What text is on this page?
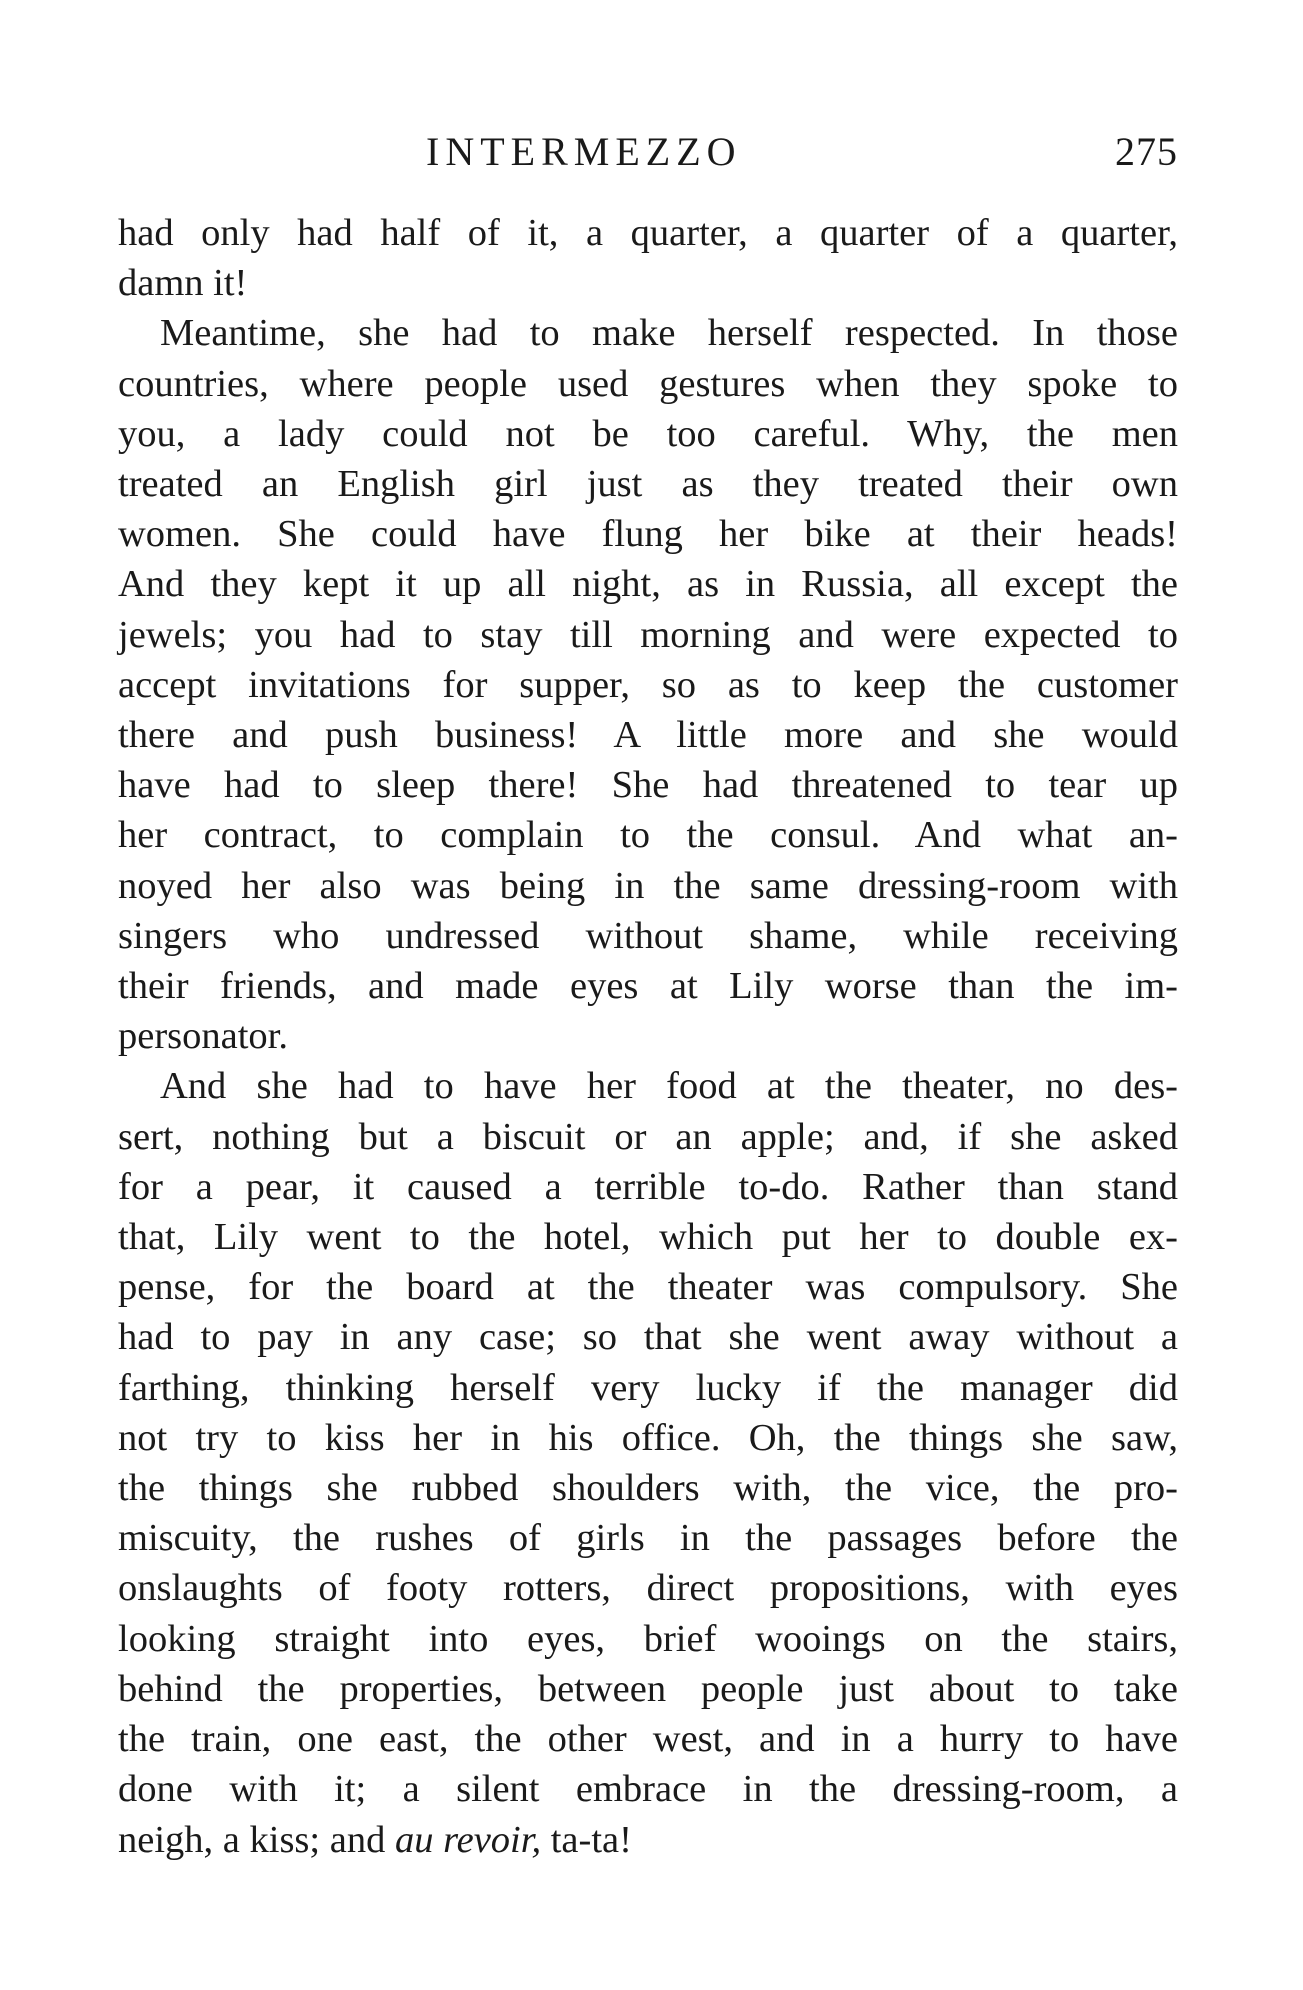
INTERMEZZO	275
had only had half of it, a quarter, a quarter of a quarter,
damn it!
Meantime, she had to make herself respected. In those
countries, where people used gestures when they spoke to
you, a lady could not be too careful. Why, the men
treated an English girl just as they treated their own
women. She could have flung her bike at their heads!
And they kept it up all night, as in Russia, all except the
jewels; you had to stay till morning and were expected to
accept invitations for supper, so as to keep the customer
there and push business! A little more and she would
have had to sleep there! She had threatened to tear up
her contract, to complain to the consul. And what an-
noyed her also was being in the same dressing-room with
singers who undressed without shame, while receiving
their friends, and made eyes at Lily worse than the im-
personator.
And she had to have her food at the theater, no des-
sert, nothing but a biscuit or an apple; and, if she asked
for a pear, it caused a terrible to-do. Rather than stand
that, Lily went to the hotel, which put her to double ex-
pense, for the board at the theater was compulsory. She
had to pay in any case; so that she went away without a
farthing, thinking herself very lucky if the manager did
not try to kiss her in his office. Oh, the things she saw,
the things she rubbed shoulders with, the vice, the pro-
miscuity, the rushes of girls in the passages before the
onslaughts of footy rotters, direct propositions, with eyes
looking straight into eyes, brief wooings on the stairs,
behind the properties, between people just about to take
the train, one east, the other west, and in a hurry to have
done with it; a silent embrace in the dressing-room, a
neigh, a kiss; and au revoir, ta-ta!
